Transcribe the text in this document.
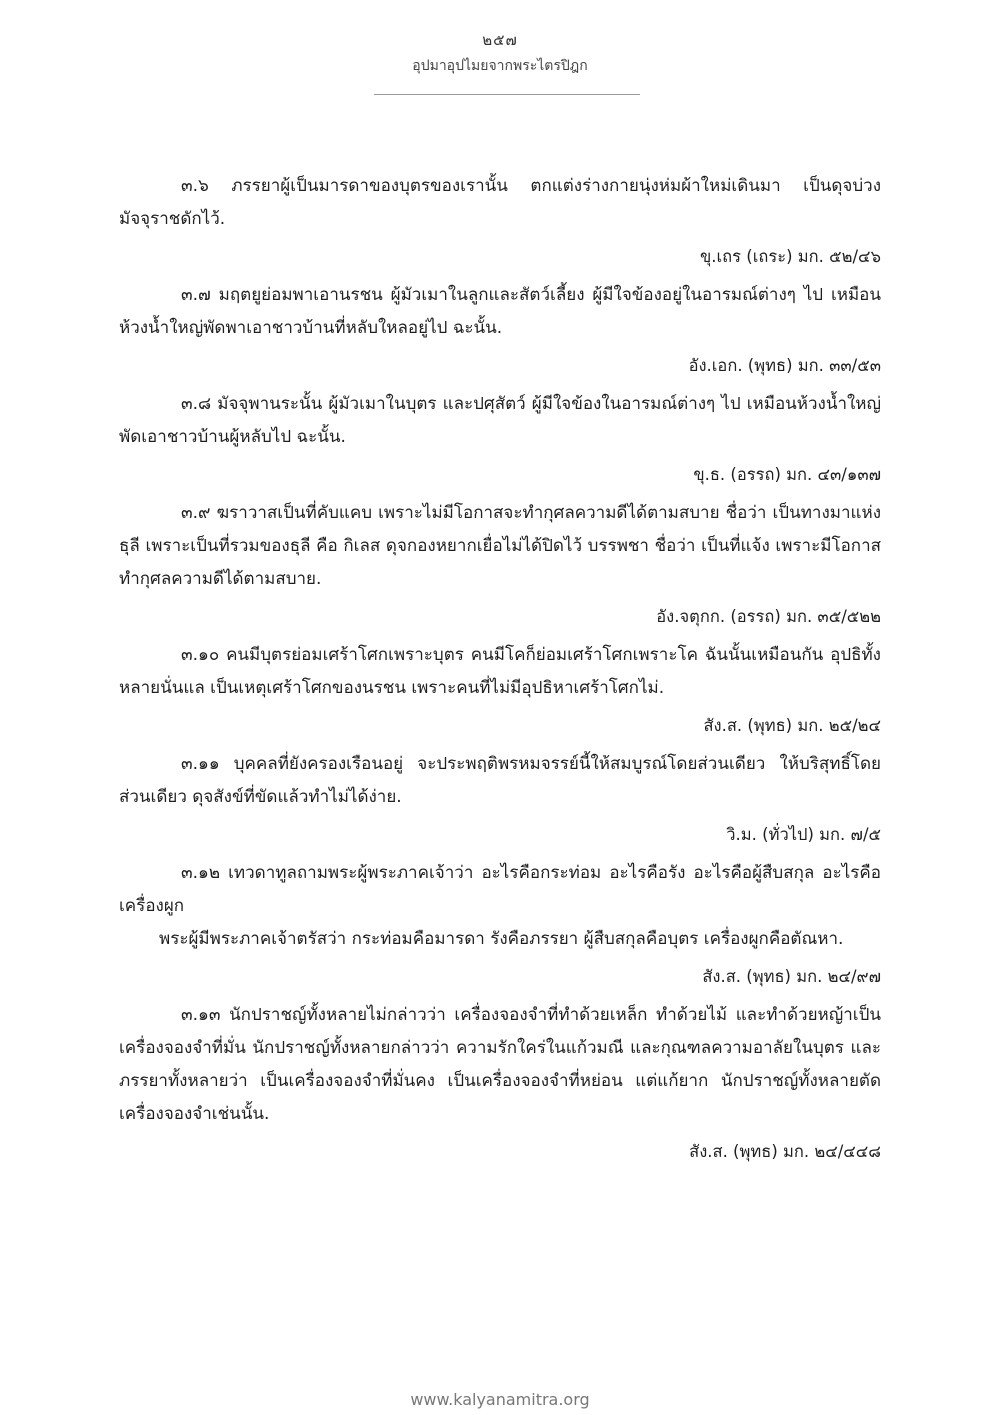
๒๕๗
อุปมาอุปไมยจากพระไตรปิฎก

๓.๖ ภรรยาผู้เป็นมารดาของบุตรของเรานั้น ตกแต่งร่างกายนุ่งห่มผ้าใหม่เดินมา เป็นดุจบ่วงมัจจุราชดักไว้.

ขุ.เถร (เถระ) มก. ๕๒/๔๖

๓.๗ มฤตยูย่อมพาเอานรชน ผู้มัวเมาในลูกและสัตว์เลี้ยง ผู้มีใจข้องอยู่ในอารมณ์ต่างๆ ไป เหมือนห้วงน้ำใหญ่พัดพาเอาชาวบ้านที่หลับใหลอยู่ไป ฉะนั้น.

อัง.เอก. (พุทธ) มก. ๓๓/๕๓

๓.๘ มัจจุพานระนั้น ผู้มัวเมาในบุตร และปศุสัตว์ ผู้มีใจข้องในอารมณ์ต่างๆ ไป เหมือนห้วงน้ำใหญ่พัดเอาชาวบ้านผู้หลับไป ฉะนั้น.

ขุ.ธ. (อรรถ) มก. ๔๓/๑๓๗

๓.๙ ฆราวาสเป็นที่คับแคบ เพราะไม่มีโอกาสจะทำกุศลความดีได้ตามสบาย ชื่อว่า เป็นทางมาแห่งธุลี เพราะเป็นที่รวมของธุลี คือ กิเลส ดุจกองหยากเยื่อไม่ได้ปิดไว้ บรรพชา ชื่อว่า เป็นที่แจ้ง เพราะมีโอกาสทำกุศลความดีได้ตามสบาย.

อัง.จตุกก. (อรรถ) มก. ๓๕/๕๒๒

๓.๑๐ คนมีบุตรย่อมเศร้าโศกเพราะบุตร คนมีโคก็ย่อมเศร้าโศกเพราะโค ฉันนั้นเหมือนกัน อุปธิทั้งหลายนั่นแล เป็นเหตุเศร้าโศกของนรชน เพราะคนที่ไม่มีอุปธิหาเศร้าโศกไม่.

สัง.ส. (พุทธ) มก. ๒๕/๒๔

๓.๑๑ บุคคลที่ยังครองเรือนอยู่ จะประพฤติพรหมจรรย์นี้ให้สมบูรณ์โดยส่วนเดียว ให้บริสุทธิ์โดยส่วนเดียว ดุจสังข์ที่ขัดแล้วทำไม่ได้ง่าย.

วิ.ม. (ทั่วไป) มก. ๗/๕

๓.๑๒ เทวดาทูลถามพระผู้พระภาคเจ้าว่า อะไรคือกระท่อม อะไรคือรัง อะไรคือผู้สืบสกุล อะไรคือเครื่องผูก

พระผู้มีพระภาคเจ้าตรัสว่า กระท่อมคือมารดา รังคือภรรยา ผู้สืบสกุลคือบุตร เครื่องผูกคือตัณหา.

สัง.ส. (พุทธ) มก. ๒๔/๙๗

๓.๑๓ นักปราชญ์ทั้งหลายไม่กล่าวว่า เครื่องจองจำที่ทำด้วยเหล็ก ทำด้วยไม้ และทำด้วยหญ้าเป็นเครื่องจองจำที่มั่น นักปราชญ์ทั้งหลายกล่าวว่า ความรักใคร่ในแก้วมณี และกุณฑลความอาลัยในบุตร และภรรยาทั้งหลายว่า เป็นเครื่องจองจำที่มั่นคง เป็นเครื่องจองจำที่หย่อน แต่แก้ยาก นักปราชญ์ทั้งหลายตัดเครื่องจองจำเช่นนั้น.

สัง.ส. (พุทธ) มก. ๒๔/๔๔๘

www.kalyanamitra.org
